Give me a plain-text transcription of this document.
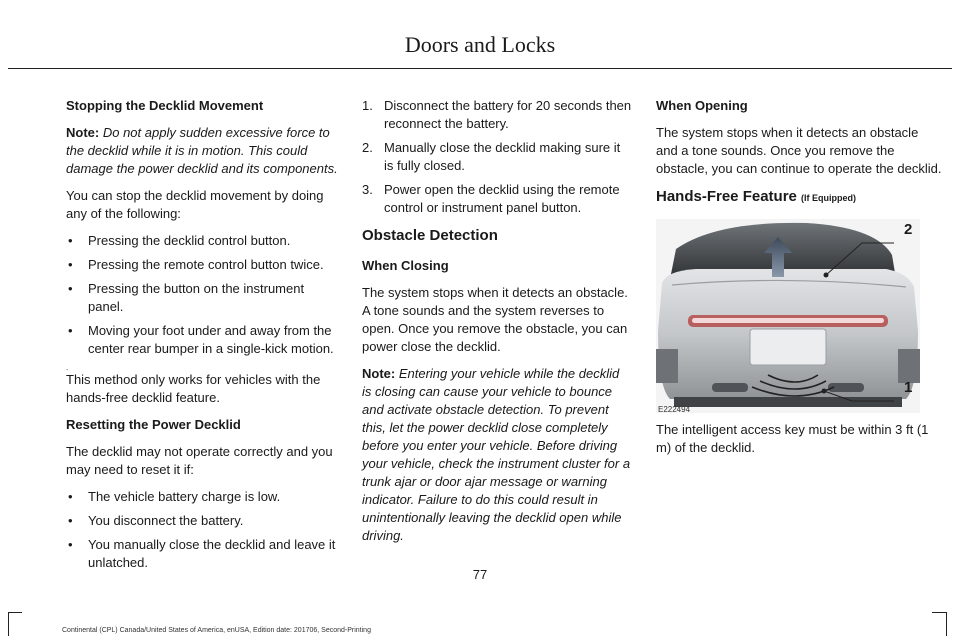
Doors and Locks

Stopping the Decklid Movement

Note: Do not apply sudden excessive force to the decklid while it is in motion. This could damage the power decklid and its components.

You can stop the decklid movement by doing any of the following:

• Pressing the decklid control button.
• Pressing the remote control button twice.
• Pressing the button on the instrument panel.
• Moving your foot under and away from the center rear bumper in a single-kick motion.
.

This method only works for vehicles with the hands-free decklid feature.

Resetting the Power Decklid

The decklid may not operate correctly and you may need to reset it if:

• The vehicle battery charge is low.
• You disconnect the battery.
• You manually close the decklid and leave it unlatched.
1. Disconnect the battery for 20 seconds then reconnect the battery.
2. Manually close the decklid making sure it is fully closed.
3. Power open the decklid using the remote control or instrument panel button.
Obstacle Detection

When Closing

The system stops when it detects an obstacle. A tone sounds and the system reverses to open. Once you remove the obstacle, you can power close the decklid.

Note: Entering your vehicle while the decklid is closing can cause your vehicle to bounce and activate obstacle detection. To prevent this, let the power decklid close completely before you enter your vehicle. Before driving your vehicle, check the instrument cluster for a trunk ajar or door ajar message or warning indicator. Failure to do this could result in unintentionally leaving the decklid open while driving.

When Opening

The system stops when it detects an obstacle and a tone sounds. Once you remove the obstacle, you can continue to operate the decklid.

Hands-Free Feature (If Equipped)
1
2
E222494

The intelligent access key must be within 3 ft (1 m) of the decklid.

77
Continental (CPL) Canada/United States of America, enUSA, Edition date: 201706, Second-Printing
